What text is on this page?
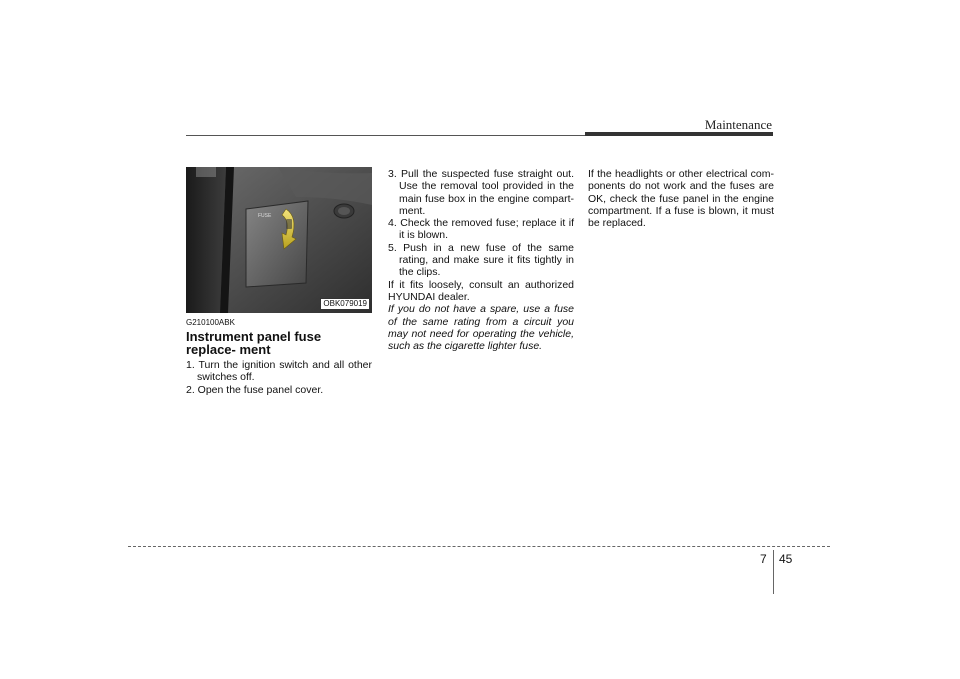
Maintenance
FUSE
OBK079019

G210100ABK

Instrument panel fuse replace- ment

1. Turn the ignition switch and all other switches off.

2. Open the fuse panel cover.

3. Pull the suspected fuse straight out. Use the removal tool provided in the main fuse box in the engine compart- ment.

4. Check the removed fuse; replace it if it is blown.

5. Push in a new fuse of the same rating, and make sure it fits tightly in the clips.

If it fits loosely, consult an authorized HYUNDAI dealer.

If you do not have a spare, use a fuse of the same rating from a circuit you may not need for operating the vehicle, such as the cigarette lighter fuse.

If the headlights or other electrical com- ponents do not work and the fuses are OK, check the fuse panel in the engine compartment. If a fuse is blown, it must be replaced.

7 45
